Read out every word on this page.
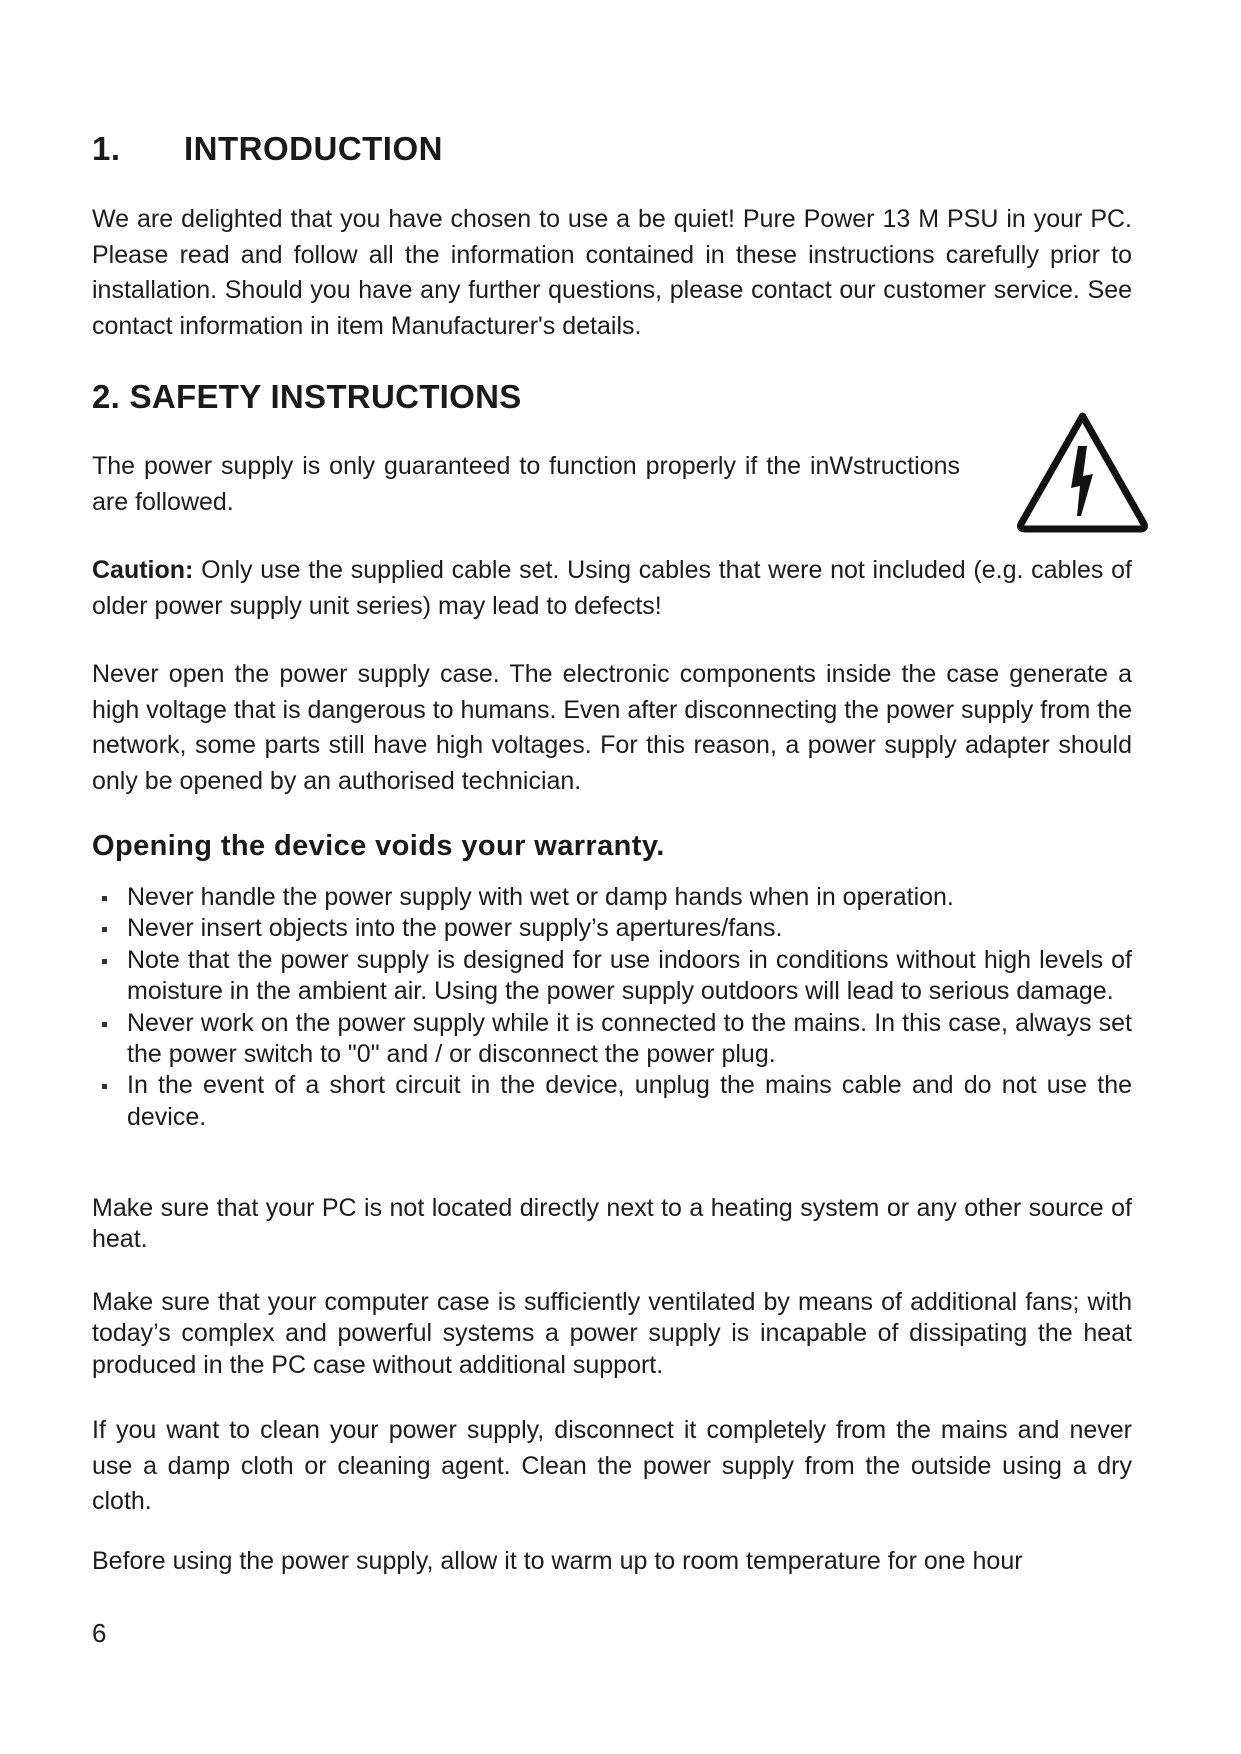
1. INTRODUCTION

We are delighted that you have chosen to use a be quiet! Pure Power 13 M PSU in your PC. Please read and follow all the information contained in these instructions carefully prior to installation. Should you have any further questions, please contact our customer service. See contact information in item Manufacturer's details.

2. SAFETY INSTRUCTIONS

The power supply is only guaranteed to function properly if the inWstructions are followed.

Caution: Only use the supplied cable set. Using cables that were not included (e.g. cables of older power supply unit series) may lead to defects!

Never open the power supply case. The electronic components inside the case generate a high voltage that is dangerous to humans. Even after disconnecting the power supply from the network, some parts still have high voltages. For this reason, a power supply adapter should only be opened by an authorised technician.

Opening the device voids your warranty.
Never handle the power supply with wet or damp hands when in operation.
Never insert objects into the power supply’s apertures/fans.
Note that the power supply is designed for use indoors in conditions without high levels of moisture in the ambient air. Using the power supply outdoors will lead to serious damage.
Never work on the power supply while it is connected to the mains. In this case, always set the power switch to "0" and / or disconnect the power plug.
In the event of a short circuit in the device, unplug the mains cable and do not use the device.

Make sure that your PC is not located directly next to a heating system or any other source of heat.

Make sure that your computer case is sufficiently ventilated by means of additional fans; with today’s complex and powerful systems a power supply is incapable of dissipating the heat produced in the PC case without additional support.

If you want to clean your power supply, disconnect it completely from the mains and never use a damp cloth or cleaning agent. Clean the power supply from the outside using a dry cloth.

Before using the power supply, allow it to warm up to room temperature for one hour

6
